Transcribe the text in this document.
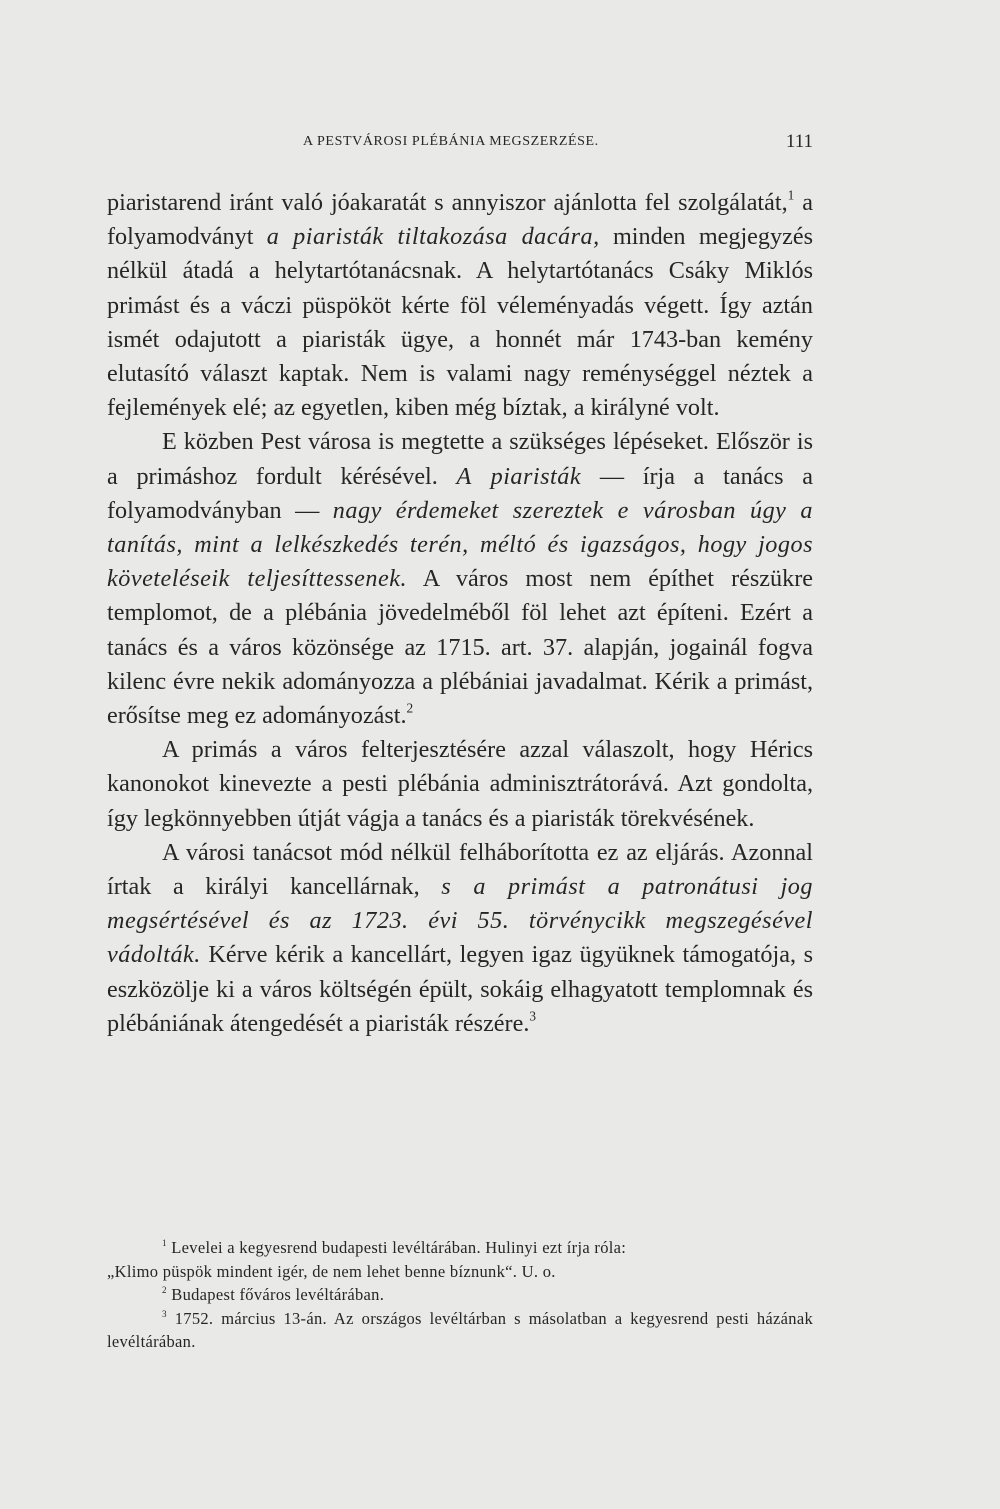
A PESTVÁROSI PLÉBÁNIA MEGSZERZÉSE.	111

piaristarend iránt való jóakaratát s annyiszor ajánlotta fel szolgálatát,$^1$ a folyamodványt a piaristák tiltakozása dacára, minden megjegyzés nélkül átadá a helytartótanácsnak. A helytartótanács Csáky Miklós primást és a váczi püspököt kérte föl véleményadás végett. Így aztán ismét odajutott a piaristák ügye, a honnét már 1743-ban kemény elutasító választ kaptak. Nem is valami nagy reménységgel néztek a fejlemények elé; az egyetlen, kiben még bíztak, a királyné volt.

E közben Pest városa is megtette a szükséges lépéseket. Először is a primáshoz fordult kérésével. A piaristák — írja a tanács a folyamodványban — nagy érdemeket szereztek e városban úgy a tanítás, mint a lelkészkedés terén, méltó és igazságos, hogy jogos követeléseik teljesíttessenek. A város most nem építhet részükre templomot, de a plébánia jövedelméből föl lehet azt építeni. Ezért a tanács és a város közönsége az 1715. art. 37. alapján, jogainál fogva kilenc évre nekik adományozza a plébániai javadalmat. Kérik a primást, erősítse meg ez adományozást.$^2$

A primás a város felterjesztésére azzal válaszolt, hogy Hérics kanonokot kinevezte a pesti plébánia adminisztrátorává. Azt gondolta, így legkönnyebben útját vágja a tanács és a piaristák törekvésének.

A városi tanácsot mód nélkül felháborította ez az eljárás. Azonnal írtak a királyi kancellárnak, s a primást a patronátusi jog megsértésével és az 1723. évi 55. törvénycikk megszegésével vádolták. Kérve kérik a kancellárt, legyen igaz ügyüknek támogatója, s eszközölje ki a város költségén épült, sokáig elhagyatott templomnak és plébániának átengedését a piaristák részére.$^3$

$^1$ Levelei a kegyesrend budapesti levéltárában. Hulinyi ezt írja róla:

„Klimo püspök mindent igér, de nem lehet benne bíznunk“. U. o.

$^2$ Budapest főváros levéltárában.

$^3$ 1752. március 13-án. Az országos levéltárban s másolatban a kegyesrend pesti házának levéltárában.
